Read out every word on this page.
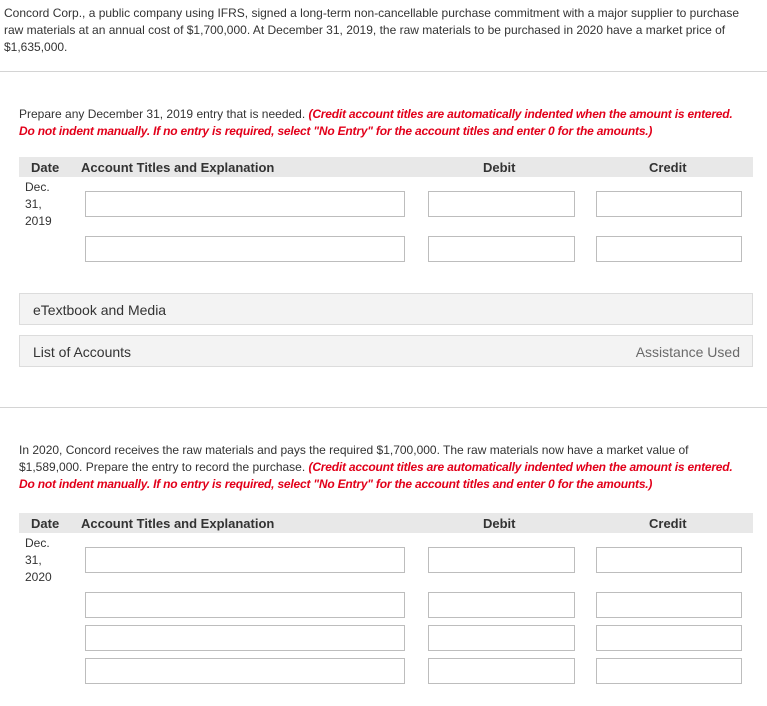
Concord Corp., a public company using IFRS, signed a long-term non-cancellable purchase commitment with a major supplier to purchase raw materials at an annual cost of $1,700,000. At December 31, 2019, the raw materials to be purchased in 2020 have a market price of $1,635,000.
Prepare any December 31, 2019 entry that is needed. (Credit account titles are automatically indented when the amount is entered. Do not indent manually. If no entry is required, select "No Entry" for the account titles and enter 0 for the amounts.)
Date Account Titles and Explanation	Debit	Credit
Dec.
31,
2019
eTextbook and Media
List of Accounts	Assistance Used
In 2020, Concord receives the raw materials and pays the required $1,700,000. The raw materials now have a market value of $1,589,000. Prepare the entry to record the purchase. (Credit account titles are automatically indented when the amount is entered. Do not indent manually. If no entry is required, select "No Entry" for the account titles and enter 0 for the amounts.)
Date Account Titles and Explanation	Debit	Credit
Dec.
31,
2020
